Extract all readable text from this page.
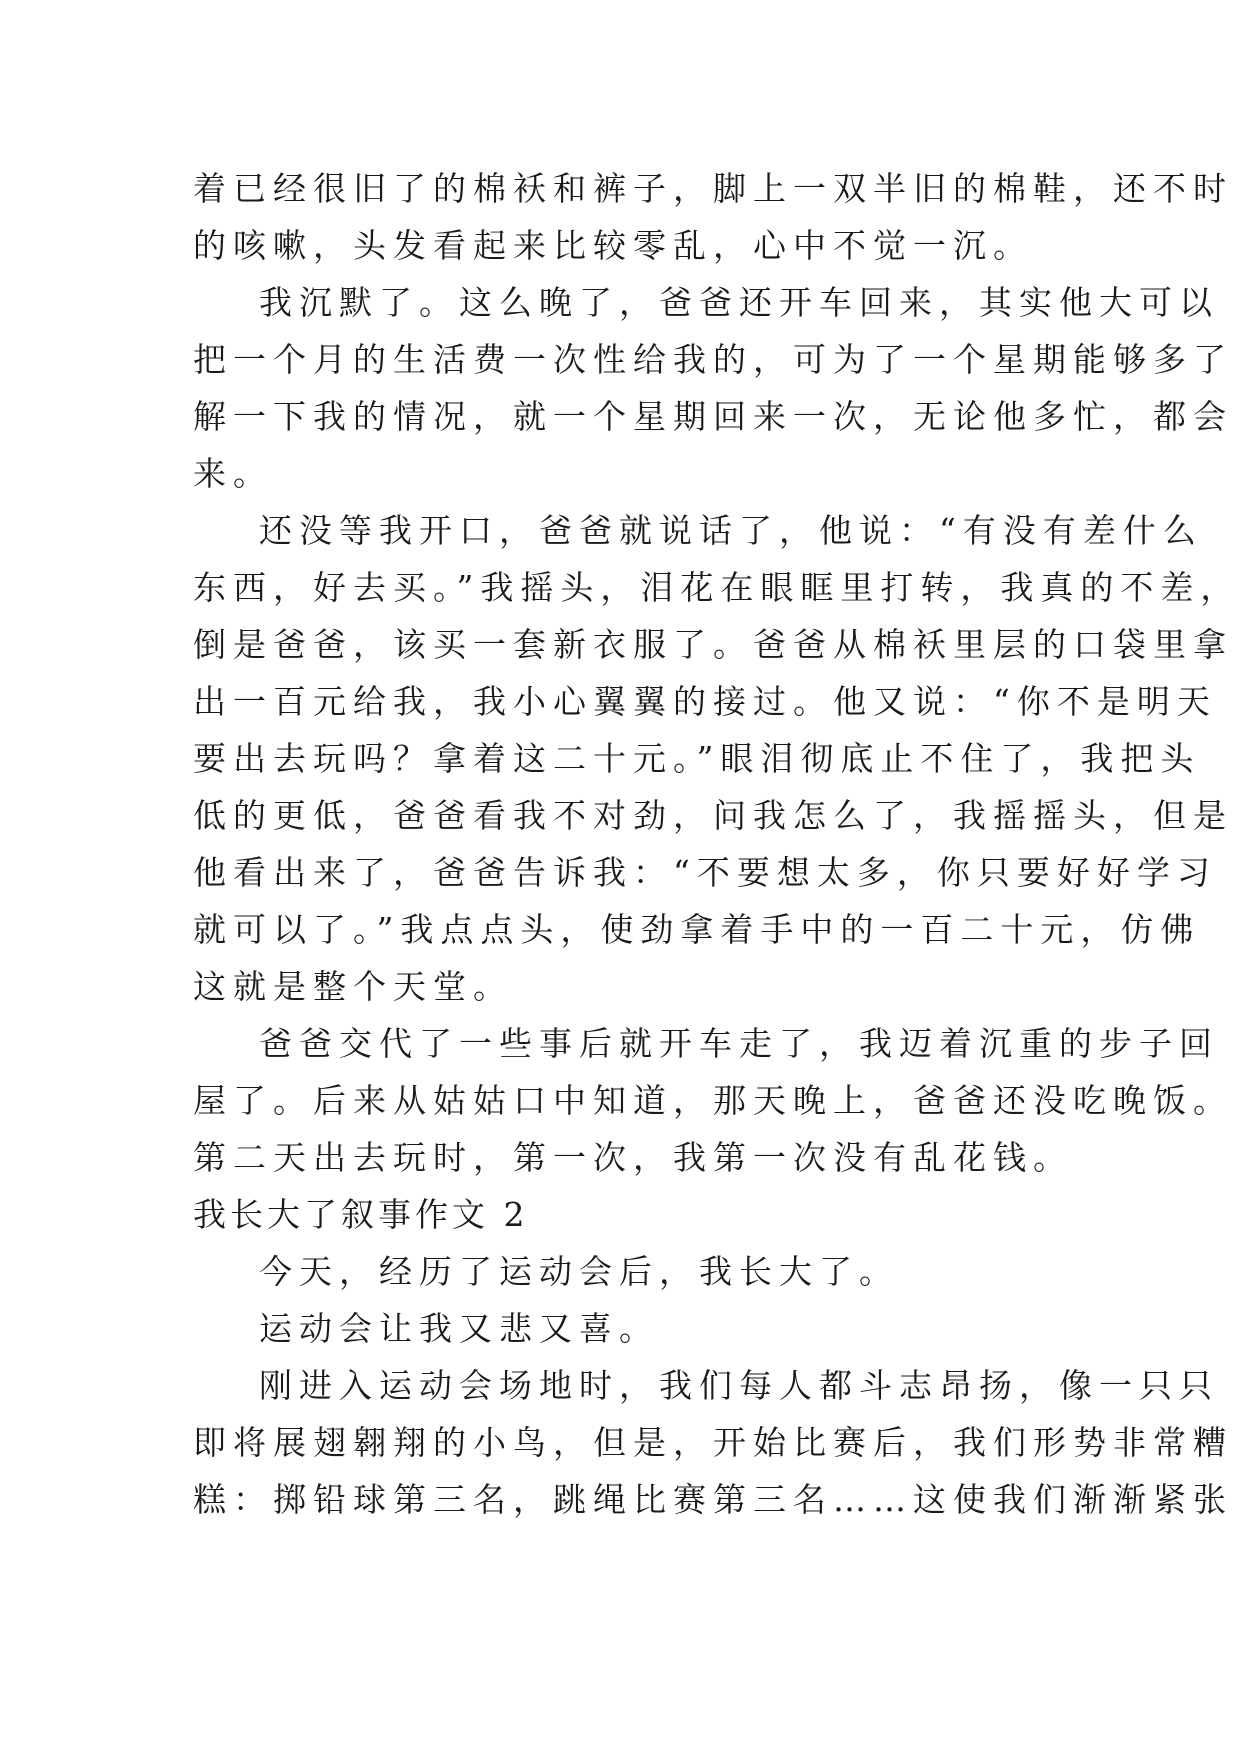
着已经很旧了的棉袄和裤子，脚上一双半旧的棉鞋，还不时
的咳嗽，头发看起来比较零乱，心中不觉一沉。
我沉默了。这么晚了，爸爸还开车回来，其实他大可以
把一个月的生活费一次性给我的，可为了一个星期能够多了
解一下我的情况，就一个星期回来一次，无论他多忙，都会
来。
还没等我开口，爸爸就说话了，他说：“有没有差什么
东西，好去买。”我摇头，泪花在眼眶里打转，我真的不差，
倒是爸爸，该买一套新衣服了。爸爸从棉袄里层的口袋里拿
出一百元给我，我小心翼翼的接过。他又说：“你不是明天
要出去玩吗？拿着这二十元。”眼泪彻底止不住了，我把头
低的更低，爸爸看我不对劲，问我怎么了，我摇摇头，但是
他看出来了，爸爸告诉我：“不要想太多，你只要好好学习
就可以了。”我点点头，使劲拿着手中的一百二十元，仿佛
这就是整个天堂。
爸爸交代了一些事后就开车走了，我迈着沉重的步子回
屋了。后来从姑姑口中知道，那天晚上，爸爸还没吃晚饭。
第二天出去玩时，第一次，我第一次没有乱花钱。
我长大了叙事作文 2
今天，经历了运动会后，我长大了。
运动会让我又悲又喜。
刚进入运动会场地时，我们每人都斗志昂扬，像一只只
即将展翅翱翔的小鸟，但是，开始比赛后，我们形势非常糟
糕：掷铅球第三名，跳绳比赛第三名……这使我们渐渐紧张
